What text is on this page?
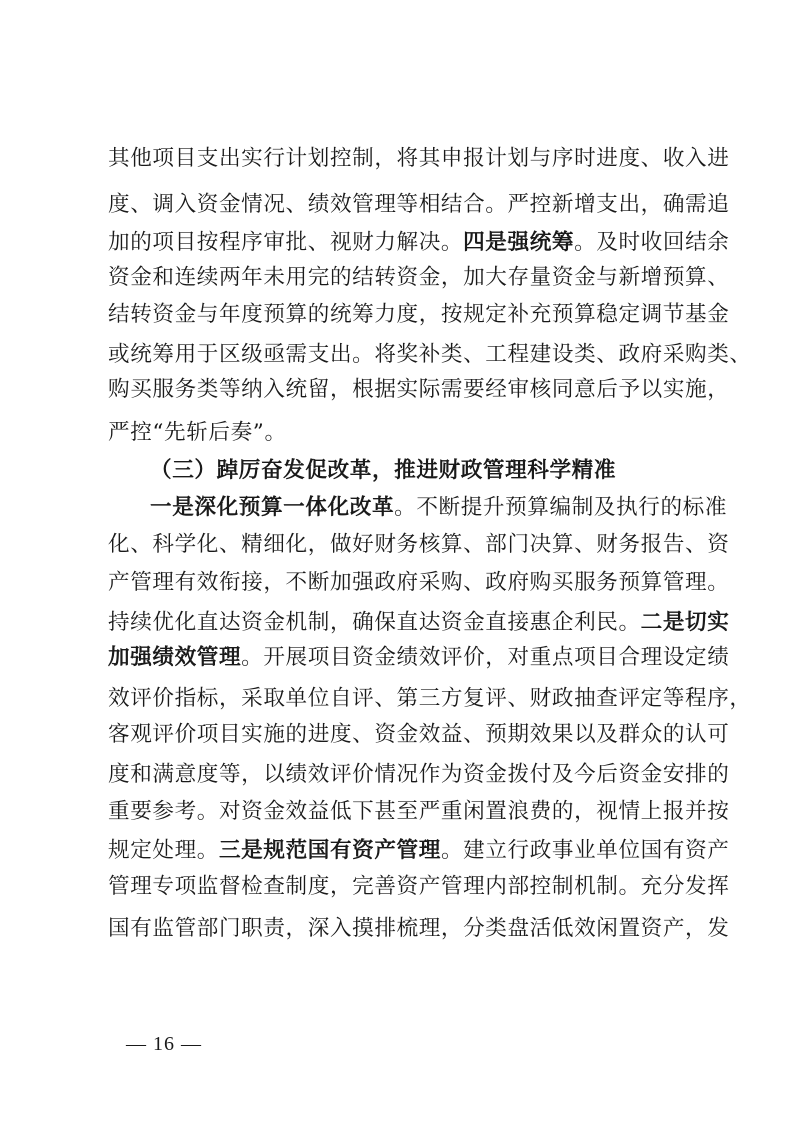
其他项目支出实行计划控制，将其申报计划与序时进度、收入进
度、调入资金情况、绩效管理等相结合。严控新增支出，确需追
加的项目按程序审批、视财力解决。四是强统筹。及时收回结余
资金和连续两年未用完的结转资金，加大存量资金与新增预算、
结转资金与年度预算的统筹力度，按规定补充预算稳定调节基金
或统筹用于区级亟需支出。将奖补类、工程建设类、政府采购类、
购买服务类等纳入统留，根据实际需要经审核同意后予以实施，
严控“先斩后奏”。
（三）踔厉奋发促改革，推进财政管理科学精准
一是深化预算一体化改革。不断提升预算编制及执行的标准
化、科学化、精细化，做好财务核算、部门决算、财务报告、资
产管理有效衔接，不断加强政府采购、政府购买服务预算管理。
持续优化直达资金机制，确保直达资金直接惠企利民。二是切实
加强绩效管理。开展项目资金绩效评价，对重点项目合理设定绩
效评价指标，采取单位自评、第三方复评、财政抽查评定等程序，
客观评价项目实施的进度、资金效益、预期效果以及群众的认可
度和满意度等，以绩效评价情况作为资金拨付及今后资金安排的
重要参考。对资金效益低下甚至严重闲置浪费的，视情上报并按
规定处理。三是规范国有资产管理。建立行政事业单位国有资产
管理专项监督检查制度，完善资产管理内部控制机制。充分发挥
国有监管部门职责，深入摸排梳理，分类盘活低效闲置资产，发
— 16 —
